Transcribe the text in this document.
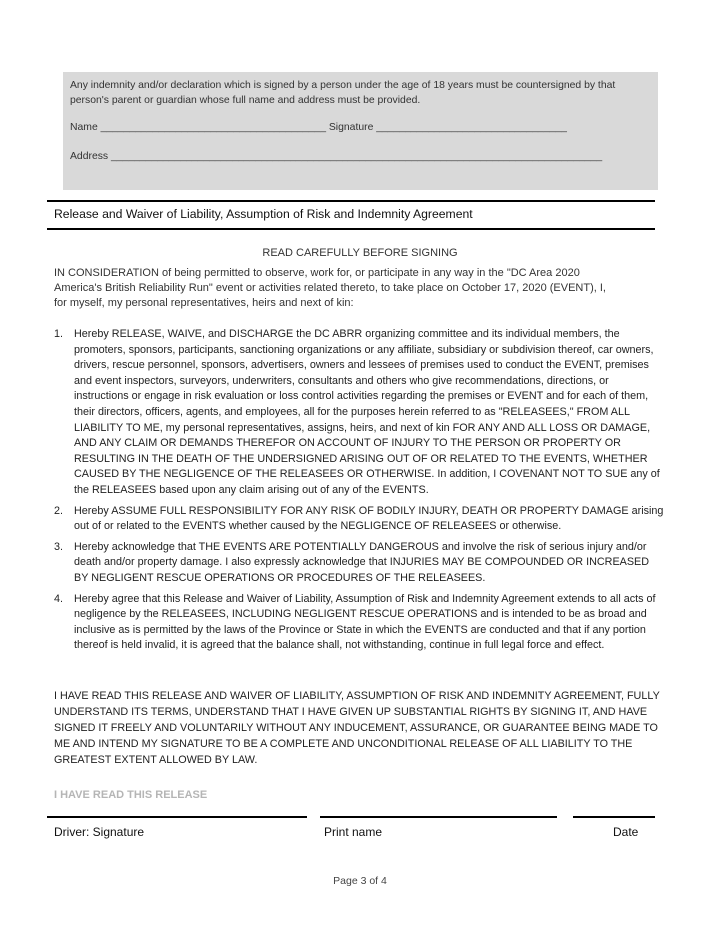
Any indemnity and/or declaration which is signed by a person under the age of 18 years must be countersigned by that person's parent or guardian whose full name and address must be provided.
Name _______________________________________ Signature _________________________________
Address _____________________________________________________________________________________
Release and Waiver of Liability, Assumption of Risk and Indemnity Agreement
READ CAREFULLY BEFORE SIGNING
IN CONSIDERATION of being permitted to observe, work for, or participate in any way in the "DC Area 2020 America's British Reliability Run" event or activities related thereto, to take place on October 17, 2020 (EVENT), I, for myself, my personal representatives, heirs and next of kin:
1.	Hereby RELEASE, WAIVE, and DISCHARGE the DC ABRR organizing committee and its individual members, the promoters, sponsors, participants, sanctioning organizations or any affiliate, subsidiary or subdivision thereof, car owners, drivers, rescue personnel, sponsors, advertisers, owners and lessees of premises used to conduct the EVENT, premises and event inspectors, surveyors, underwriters, consultants and others who give recommendations, directions, or instructions or engage in risk evaluation or loss control activities regarding the premises or EVENT and for each of them, their directors, officers, agents, and employees, all for the purposes herein referred to as "RELEASEES," FROM ALL LIABILITY TO ME, my personal representatives, assigns, heirs, and next of kin FOR ANY AND ALL LOSS OR DAMAGE, AND ANY CLAIM OR DEMANDS THEREFOR ON ACCOUNT OF INJURY TO THE PERSON OR PROPERTY OR RESULTING IN THE DEATH OF THE UNDERSIGNED ARISING OUT OF OR RELATED TO THE EVENTS, WHETHER CAUSED BY THE NEGLIGENCE OF THE RELEASEES OR OTHERWISE. In addition, I COVENANT NOT TO SUE any of the RELEASEES based upon any claim arising out of any of the EVENTS.
2.	Hereby ASSUME FULL RESPONSIBILITY FOR ANY RISK OF BODILY INJURY, DEATH OR PROPERTY DAMAGE arising out of or related to the EVENTS whether caused by the NEGLIGENCE OF RELEASEES or otherwise.
3.	Hereby acknowledge that THE EVENTS ARE POTENTIALLY DANGEROUS and involve the risk of serious injury and/or death and/or property damage. I also expressly acknowledge that INJURIES MAY BE COMPOUNDED OR INCREASED BY NEGLIGENT RESCUE OPERATIONS OR PROCEDURES OF THE RELEASEES.
4.	Hereby agree that this Release and Waiver of Liability, Assumption of Risk and Indemnity Agreement extends to all acts of negligence by the RELEASEES, INCLUDING NEGLIGENT RESCUE OPERATIONS and is intended to be as broad and inclusive as is permitted by the laws of the Province or State in which the EVENTS are conducted and that if any portion thereof is held invalid, it is agreed that the balance shall, not withstanding, continue in full legal force and effect.
I HAVE READ THIS RELEASE AND WAIVER OF LIABILITY, ASSUMPTION OF RISK AND INDEMNITY AGREEMENT, FULLY UNDERSTAND ITS TERMS, UNDERSTAND THAT I HAVE GIVEN UP SUBSTANTIAL RIGHTS BY SIGNING IT, AND HAVE SIGNED IT FREELY AND VOLUNTARILY WITHOUT ANY INDUCEMENT, ASSURANCE, OR GUARANTEE BEING MADE TO ME AND INTEND MY SIGNATURE TO BE A COMPLETE AND UNCONDITIONAL RELEASE OF ALL LIABILITY TO THE GREATEST EXTENT ALLOWED BY LAW.
I HAVE READ THIS RELEASE
Driver: Signature	Print name	Date
Page 3 of 4
